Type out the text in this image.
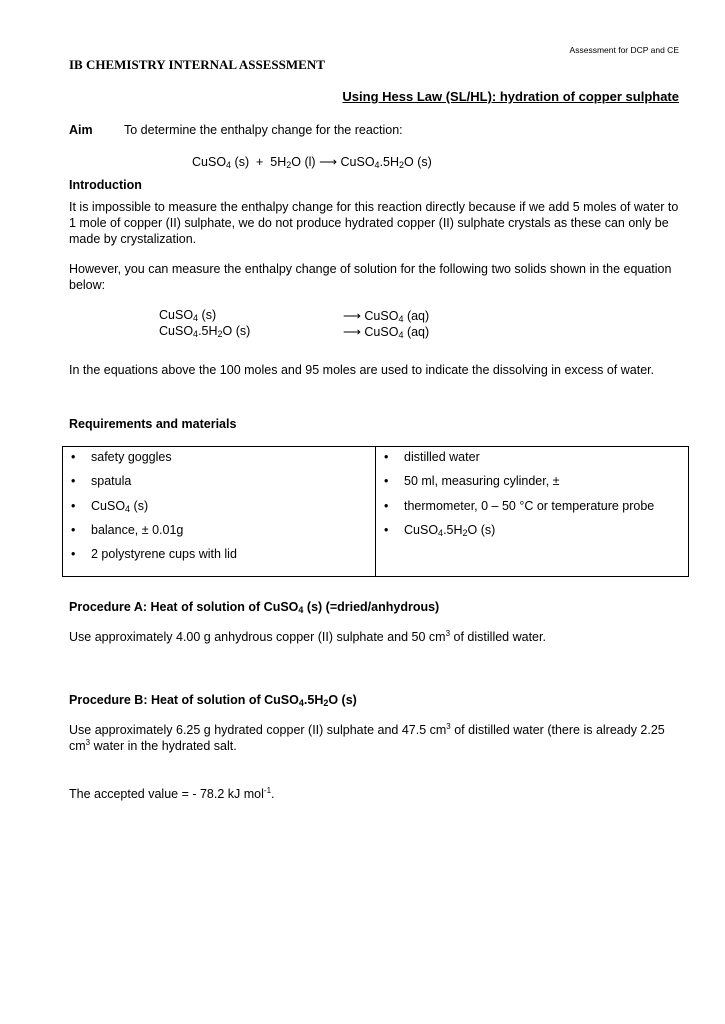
Assessment for DCP and CE
IB CHEMISTRY INTERNAL ASSESSMENT
Using Hess Law (SL/HL): hydration of copper sulphate
Aim	To determine the enthalpy change for the reaction:
CuSO$_4$ $(s) + 5H_2O$ (l) ⟶ $CuSO_4.5H_2O$ (s)
Introduction
It is impossible to measure the enthalpy change for this reaction directly because if we add 5 moles of water to 1 mole of copper (II) sulphate, we do not produce hydrated copper (II) sulphate crystals as these can only be made by crystalization.
However, you can measure the enthalpy change of solution for the following two solids shown in the equation below:
CuSO$_4$ (s)	⟶ CuSO$_4$ (aq)
$CuSO_4.5H_2O$ (s)	⟶ CuSO$_4$ (aq)
In the equations above the 100 moles and 95 moles are used to indicate the dissolving in excess of water.
Requirements and materials
• safety goggles
• spatula
• CuSO$_4$ (s)
• balance, ± 0.01g
• 2 polystyrene cups with lid

• distilled water
• 50 ml, measuring cylinder, ±
• thermometer, 0 – 50 °C or temperature probe
• $CuSO_4.5H_2O$ (s)
Procedure A: Heat of solution of CuSO$_4$ (s) (=dried/anhydrous)
Use approximately 4.00 g anhydrous copper (II) sulphate and 50 $cm^3$ of distilled water.
Procedure B: Heat of solution of $CuSO_4.5H_2O$ (s)
Use approximately 6.25 g hydrated copper (II) sulphate and 47.5 $cm^3$ of distilled water (there is already 2.25 $cm^3$ water in the hydrated salt.
The accepted value = - 78.2 kJ mol$^{-1}$.
